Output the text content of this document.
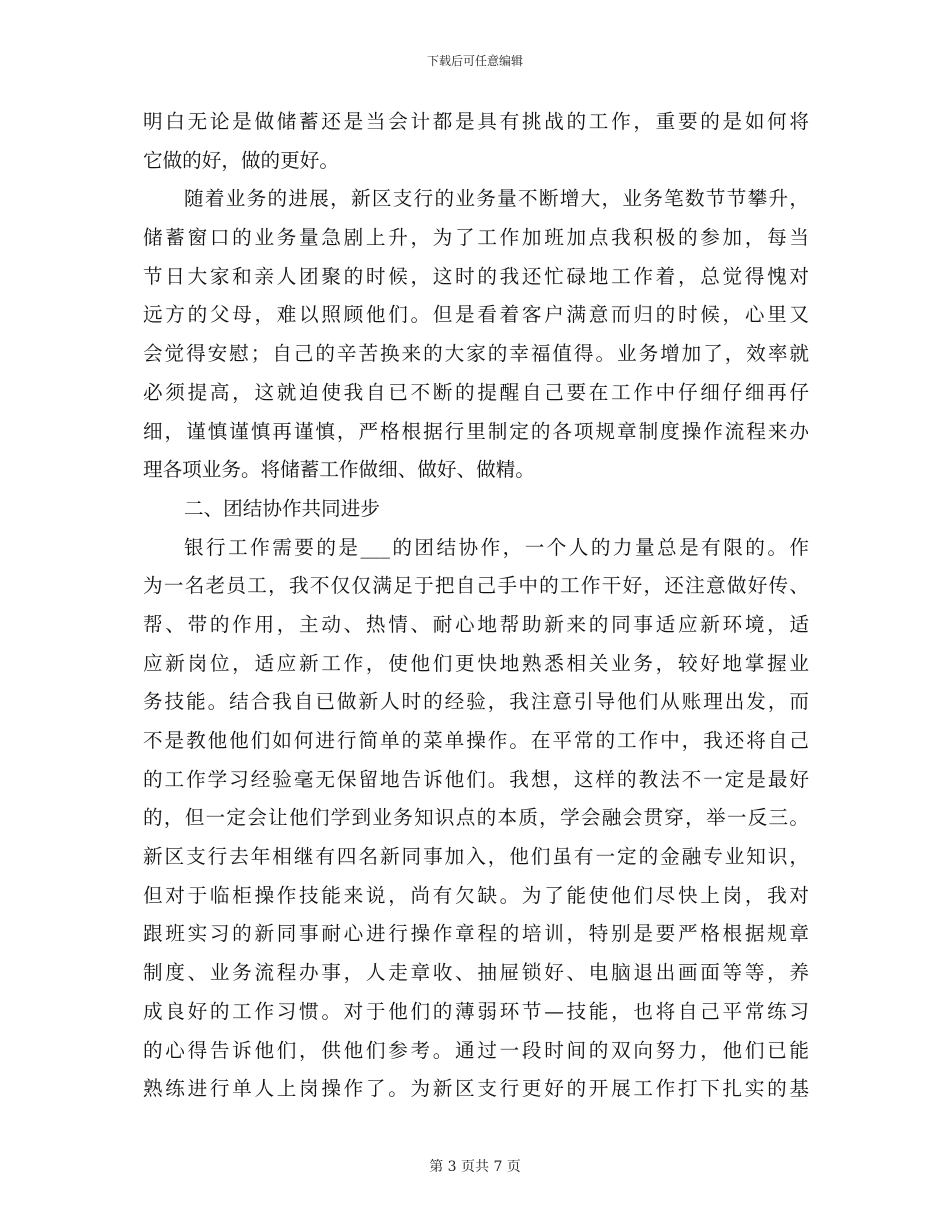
下载后可任意编辑
明白无论是做储蓄还是当会计都是具有挑战的工作，重要的是如何将
它做的好，做的更好。
随着业务的进展，新区支行的业务量不断增大，业务笔数节节攀升，
储蓄窗口的业务量急剧上升，为了工作加班加点我积极的参加，每当
节日大家和亲人团聚的时候，这时的我还忙碌地工作着，总觉得愧对
远方的父母，难以照顾他们。但是看着客户满意而归的时候，心里又
会觉得安慰；自己的辛苦换来的大家的幸福值得。业务增加了，效率就
必须提高，这就迫使我自已不断的提醒自己要在工作中仔细仔细再仔
细，谨慎谨慎再谨慎，严格根据行里制定的各项规章制度操作流程来办
理各项业务。将储蓄工作做细、做好、做精。
二、团结协作共同进步
银行工作需要的是___的团结协作，一个人的力量总是有限的。作
为一名老员工，我不仅仅满足于把自己手中的工作干好，还注意做好传、
帮、带的作用，主动、热情、耐心地帮助新来的同事适应新环境，适
应新岗位，适应新工作，使他们更快地熟悉相关业务，较好地掌握业
务技能。结合我自已做新人时的经验，我注意引导他们从账理出发，而
不是教他他们如何进行简单的菜单操作。在平常的工作中，我还将自己
的工作学习经验毫无保留地告诉他们。我想，这样的教法不一定是最好
的，但一定会让他们学到业务知识点的本质，学会融会贯穿，举一反三。
新区支行去年相继有四名新同事加入，他们虽有一定的金融专业知识，
但对于临柜操作技能来说，尚有欠缺。为了能使他们尽快上岗，我对
跟班实习的新同事耐心进行操作章程的培训，特别是要严格根据规章
制度、业务流程办事，人走章收、抽屉锁好、电脑退出画面等等，养
成良好的工作习惯。对于他们的薄弱环节—技能，也将自己平常练习
的心得告诉他们，供他们参考。通过一段时间的双向努力，他们已能
熟练进行单人上岗操作了。为新区支行更好的开展工作打下扎实的基
第 3 页共 7 页
